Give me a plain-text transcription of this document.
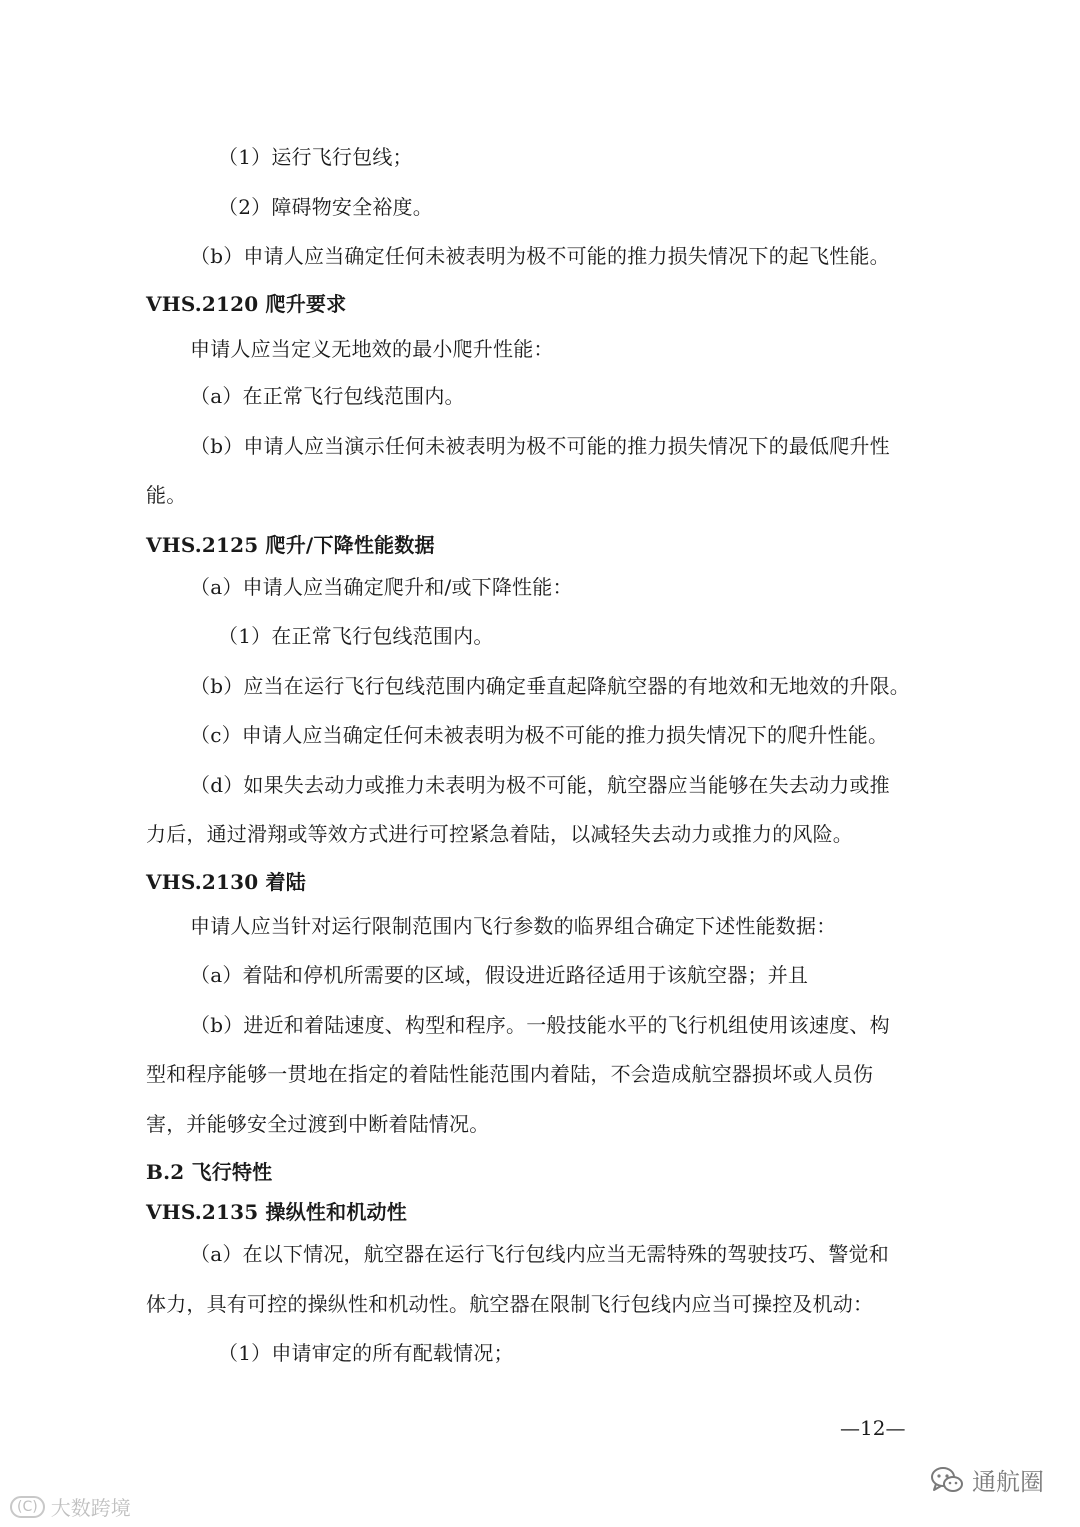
（1）运行飞行包线；
（2）障碍物安全裕度。
（b）申请人应当确定任何未被表明为极不可能的推力损失情况下的起飞性能。
VHS.2120 爬升要求
申请人应当定义无地效的最小爬升性能：
（a）在正常飞行包线范围内。
（b）申请人应当演示任何未被表明为极不可能的推力损失情况下的最低爬升性
能。
VHS.2125 爬升/下降性能数据
（a）申请人应当确定爬升和/或下降性能：
（1）在正常飞行包线范围内。
（b）应当在运行飞行包线范围内确定垂直起降航空器的有地效和无地效的升限。
（c）申请人应当确定任何未被表明为极不可能的推力损失情况下的爬升性能。
（d）如果失去动力或推力未表明为极不可能，航空器应当能够在失去动力或推
力后，通过滑翔或等效方式进行可控紧急着陆，以减轻失去动力或推力的风险。
VHS.2130 着陆
申请人应当针对运行限制范围内飞行参数的临界组合确定下述性能数据：
（a）着陆和停机所需要的区域，假设进近路径适用于该航空器；并且
（b）进近和着陆速度、构型和程序。一般技能水平的飞行机组使用该速度、构
型和程序能够一贯地在指定的着陆性能范围内着陆，不会造成航空器损坏或人员伤
害，并能够安全过渡到中断着陆情况。
B.2 飞行特性
VHS.2135 操纵性和机动性
（a）在以下情况，航空器在运行飞行包线内应当无需特殊的驾驶技巧、警觉和
体力，具有可控的操纵性和机动性。航空器在限制飞行包线内应当可操控及机动：
（1）申请审定的所有配载情况；
—12—
(C) 大数跨境
通航圈
